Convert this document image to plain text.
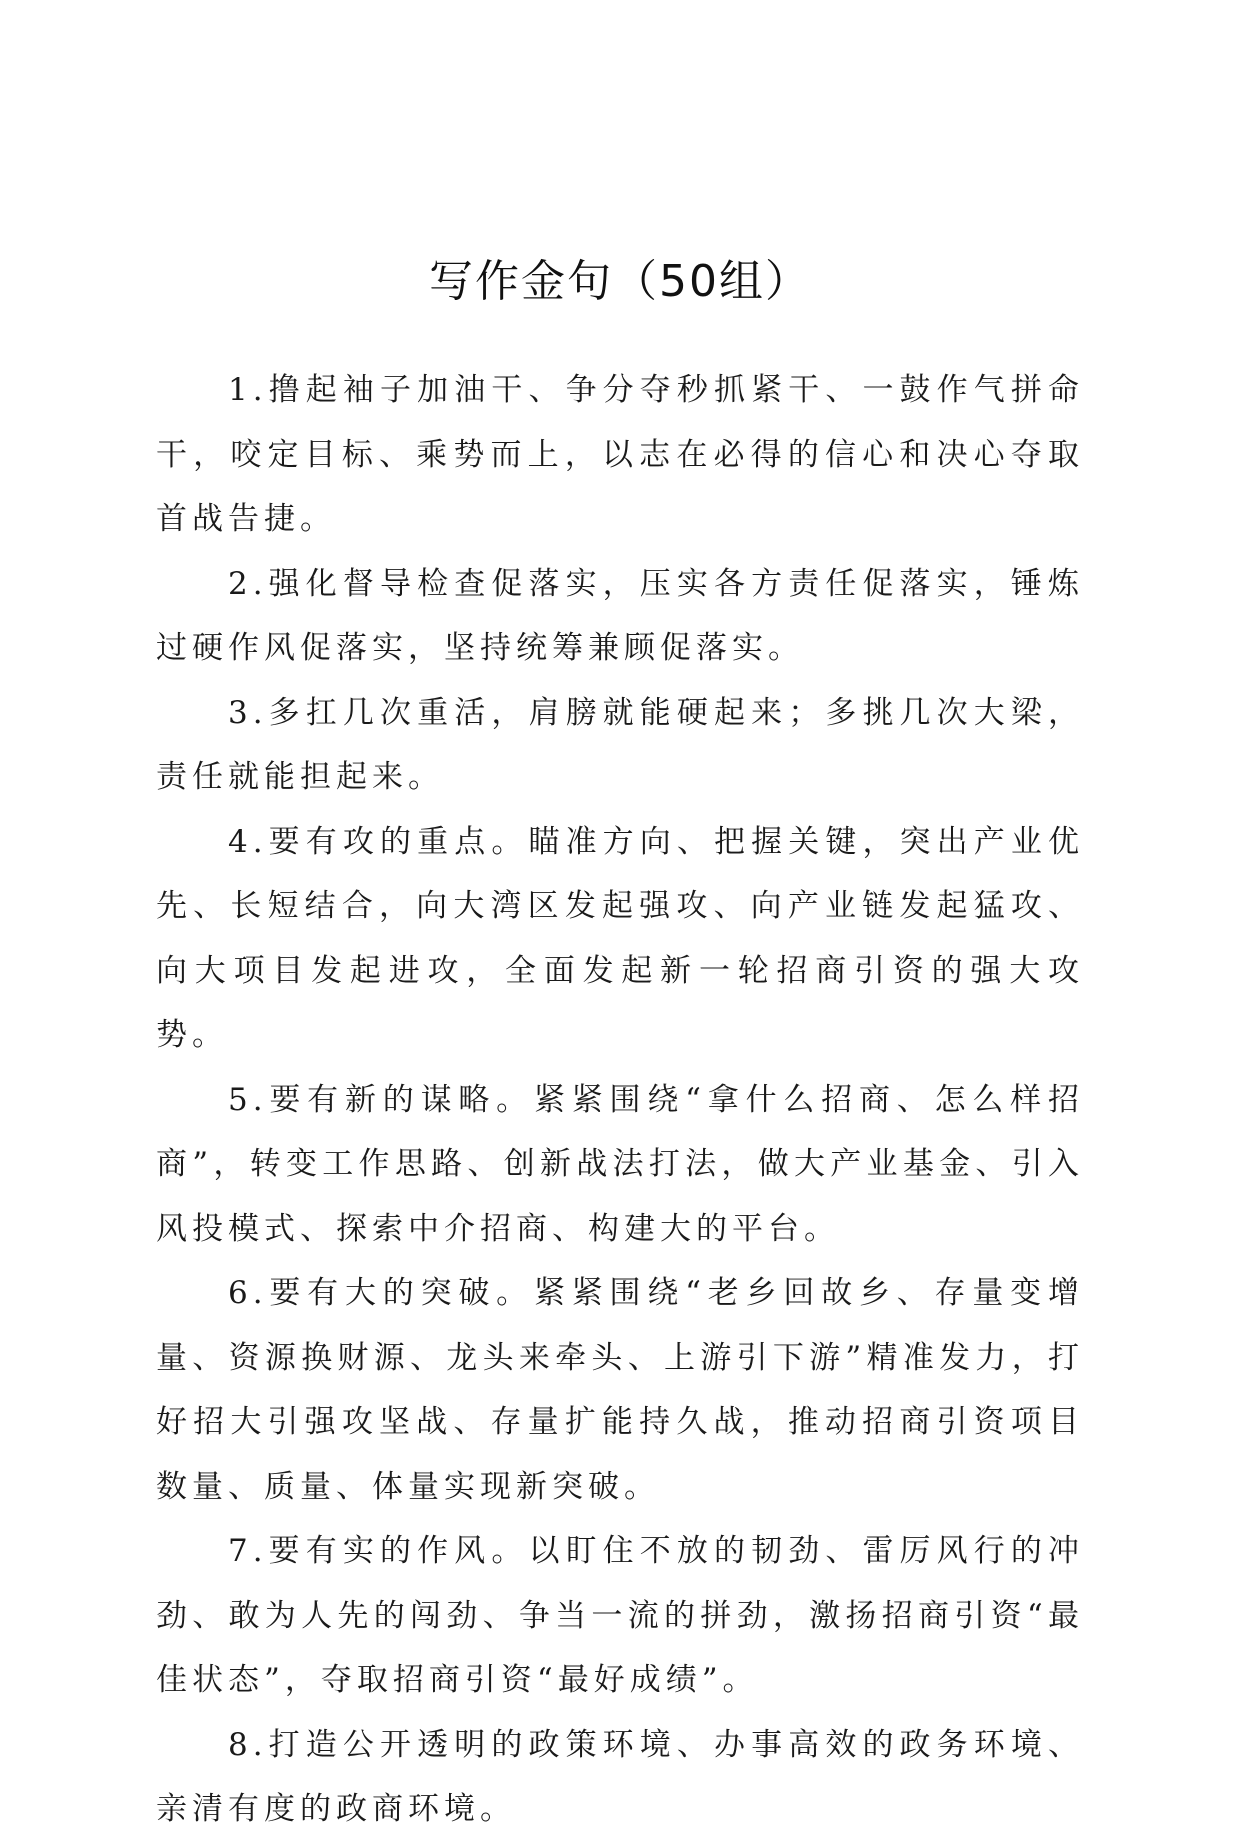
写作金句（50组）

1.撸起袖子加油干、争分夺秒抓紧干、一鼓作气拼命干，咬定目标、乘势而上，以志在必得的信心和决心夺取首战告捷。

2.强化督导检查促落实，压实各方责任促落实，锤炼过硬作风促落实，坚持统筹兼顾促落实。

3.多扛几次重活，肩膀就能硬起来；多挑几次大梁，责任就能担起来。

4.要有攻的重点。瞄准方向、把握关键，突出产业优先、长短结合，向大湾区发起强攻、向产业链发起猛攻、向大项目发起进攻，全面发起新一轮招商引资的强大攻势。

5.要有新的谋略。紧紧围绕“拿什么招商、怎么样招商”，转变工作思路、创新战法打法，做大产业基金、引入风投模式、探索中介招商、构建大的平台。

6.要有大的突破。紧紧围绕“老乡回故乡、存量变增量、资源换财源、龙头来牵头、上游引下游”精准发力，打好招大引强攻坚战、存量扩能持久战，推动招商引资项目数量、质量、体量实现新突破。

7.要有实的作风。以盯住不放的韧劲、雷厉风行的冲劲、敢为人先的闯劲、争当一流的拼劲，激扬招商引资“最佳状态”，夺取招商引资“最好成绩”。

8.打造公开透明的政策环境、办事高效的政务环境、亲清有度的政商环境。
